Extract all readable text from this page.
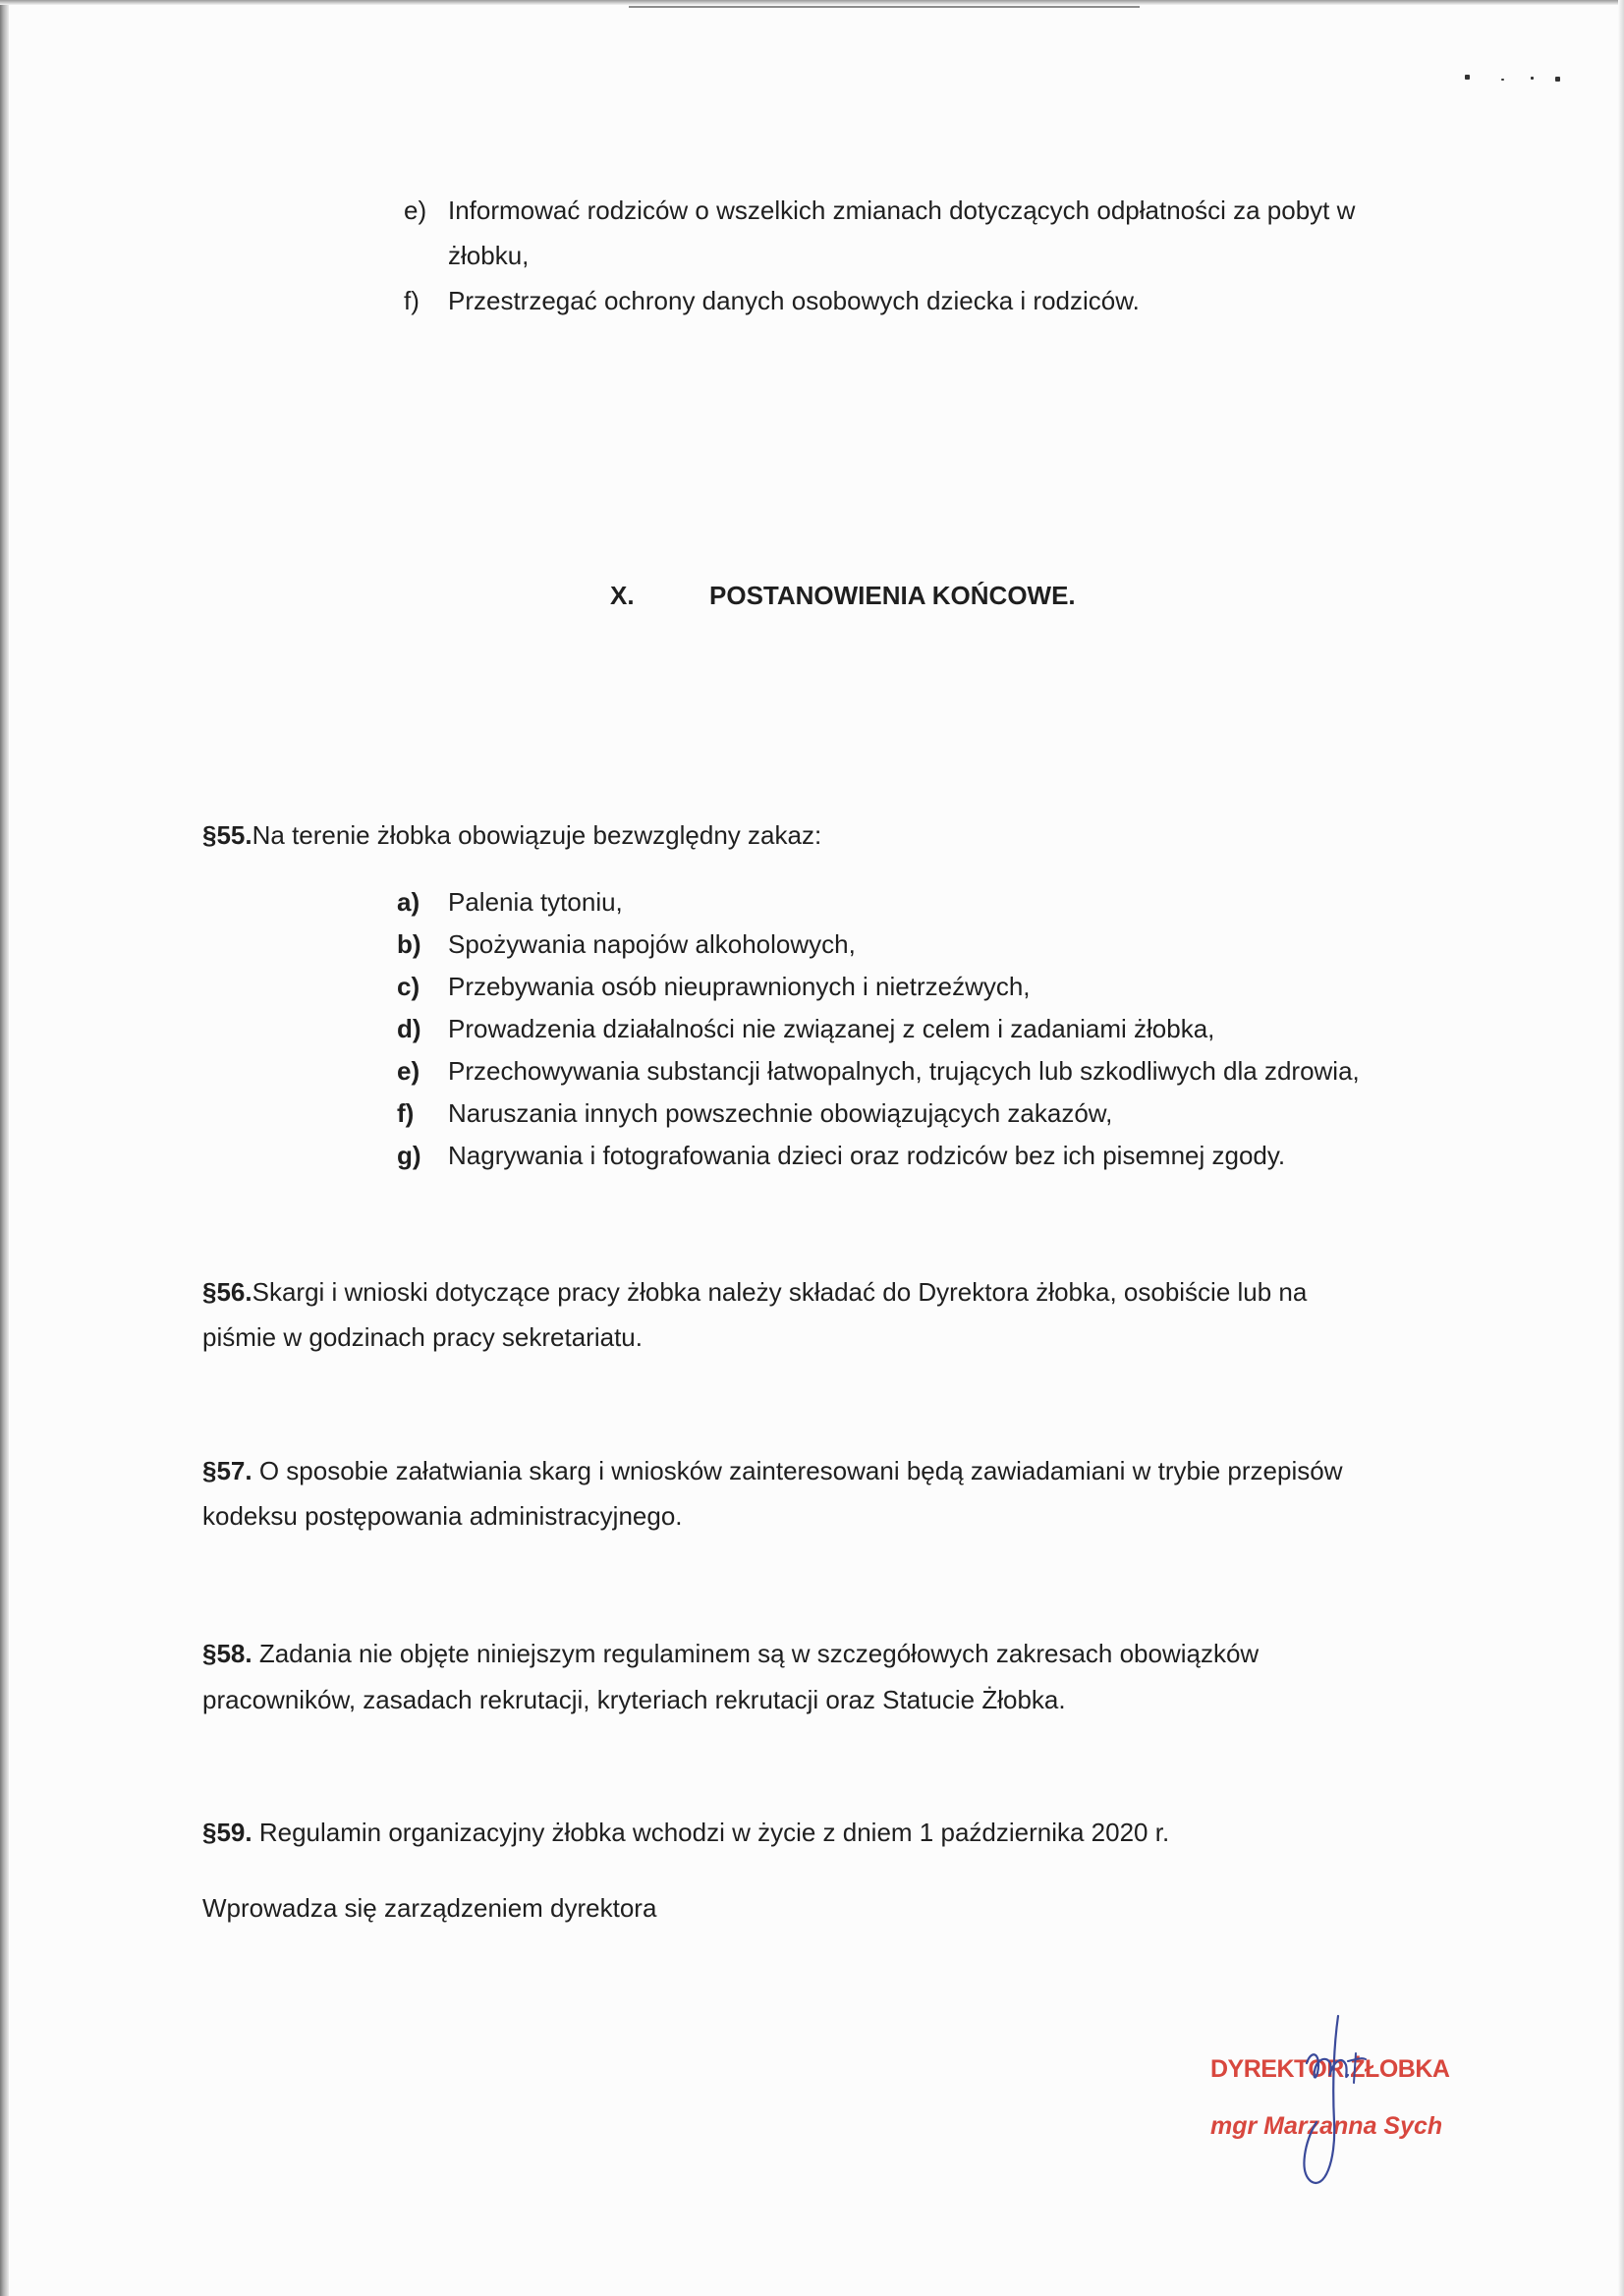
e) Informować rodziców o wszelkich zmianach dotyczących odpłatności za pobyt w
żłobku,
f) Przestrzegać ochrony danych osobowych dziecka i rodziców.
X.	POSTANOWIENIA KOŃCOWE.
§55.Na terenie żłobka obowiązuje bezwzględny zakaz:
a) Palenia tytoniu,
b) Spożywania napojów alkoholowych,
c) Przebywania osób nieuprawnionych i nietrzeźwych,
d) Prowadzenia działalności nie związanej z celem i zadaniami żłobka,
e) Przechowywania substancji łatwopalnych, trujących lub szkodliwych dla zdrowia,
f) Naruszania innych powszechnie obowiązujących zakazów,
g) Nagrywania i fotografowania dzieci oraz rodziców bez ich pisemnej zgody.
§56.Skargi i wnioski dotyczące pracy żłobka należy składać do Dyrektora żłobka, osobiście lub na
piśmie w godzinach pracy sekretariatu.
§57. O sposobie załatwiania skarg i wniosków zainteresowani będą zawiadamiani w trybie przepisów
kodeksu postępowania administracyjnego.
§58. Zadania nie objęte niniejszym regulaminem są w szczegółowych zakresach obowiązków
pracowników, zasadach rekrutacji, kryteriach rekrutacji oraz Statucie Żłobka.
§59. Regulamin organizacyjny żłobka wchodzi w życie z dniem 1 października 2020 r.
Wprowadza się zarządzeniem dyrektora
DYREKTOR ŻŁOBKA
mgr Marzanna Sych
